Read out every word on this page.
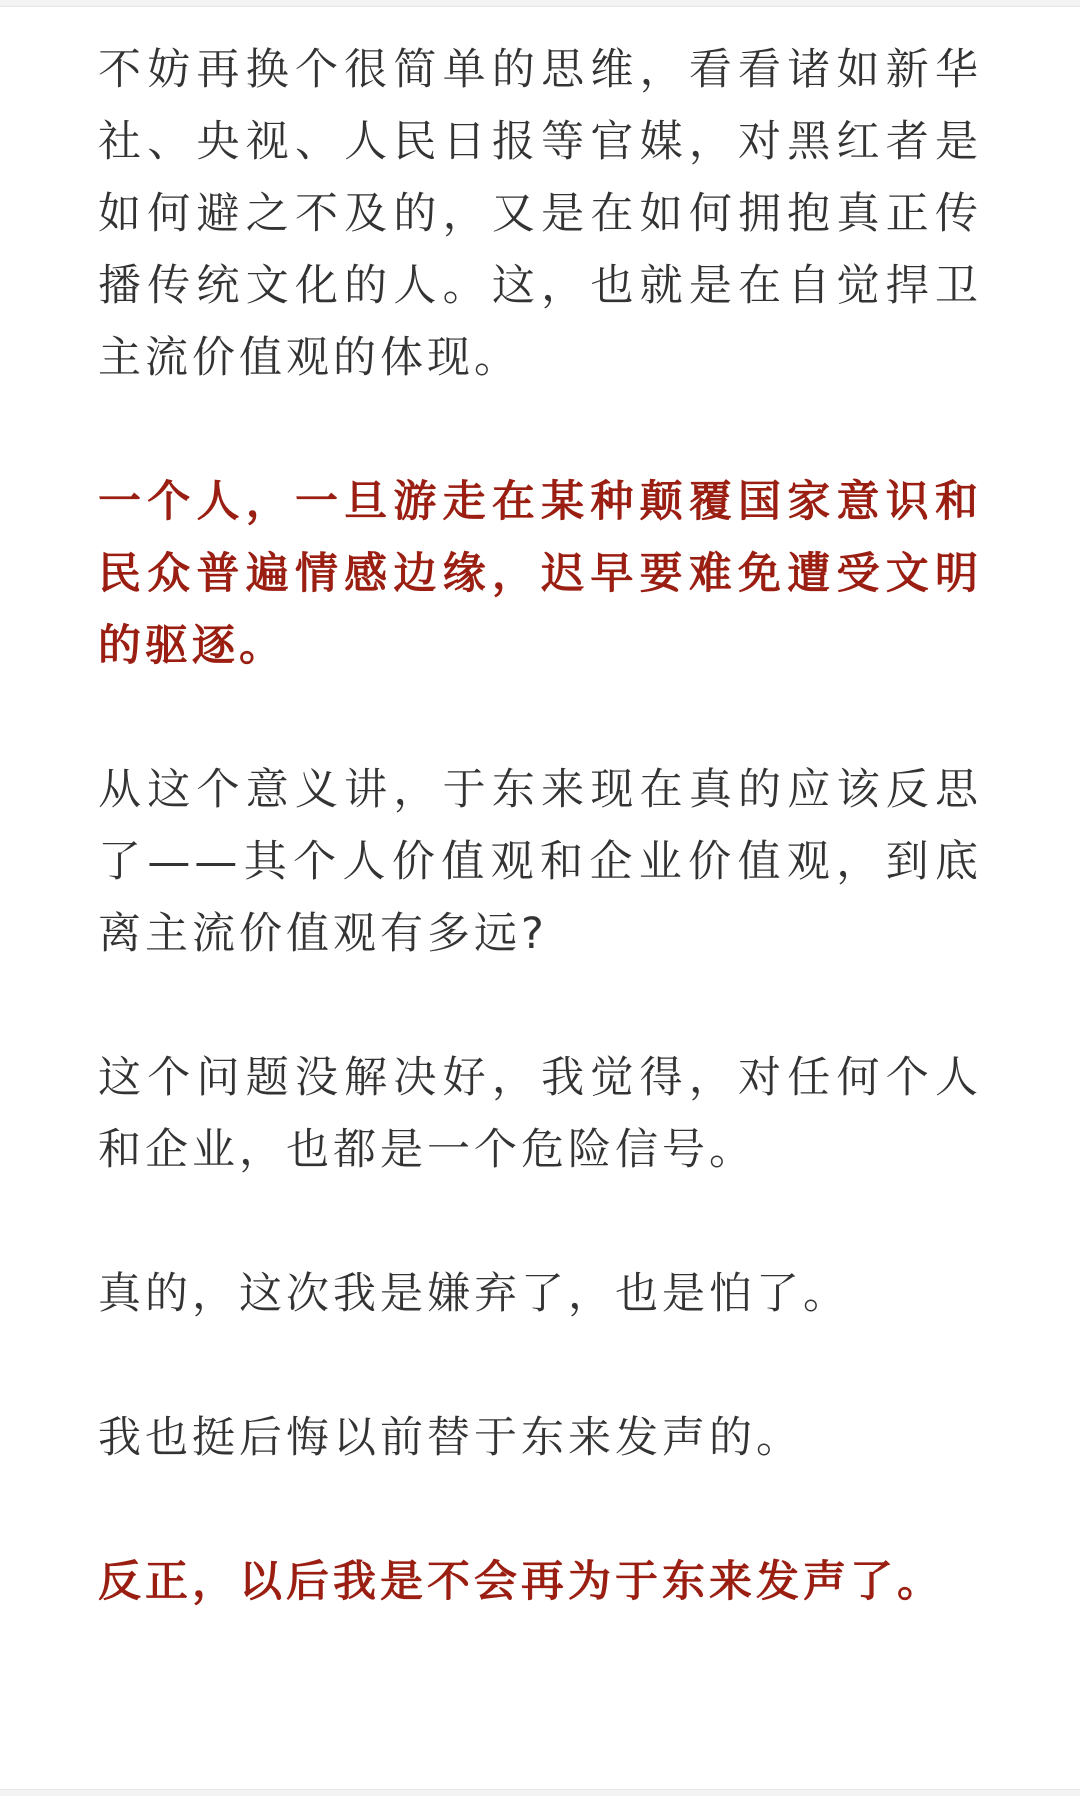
不妨再换个很简单的思维，看看诸如新华社、央视、人民日报等官媒，对黑红者是如何避之不及的，又是在如何拥抱真正传播传统文化的人。这，也就是在自觉捍卫主流价值观的体现。

一个人，一旦游走在某种颠覆国家意识和民众普遍情感边缘，迟早要难免遭受文明的驱逐。

从这个意义讲，于东来现在真的应该反思了——其个人价值观和企业价值观，到底离主流价值观有多远?

这个问题没解决好，我觉得，对任何个人和企业，也都是一个危险信号。

真的，这次我是嫌弃了，也是怕了。

我也挺后悔以前替于东来发声的。

反正，以后我是不会再为于东来发声了。
